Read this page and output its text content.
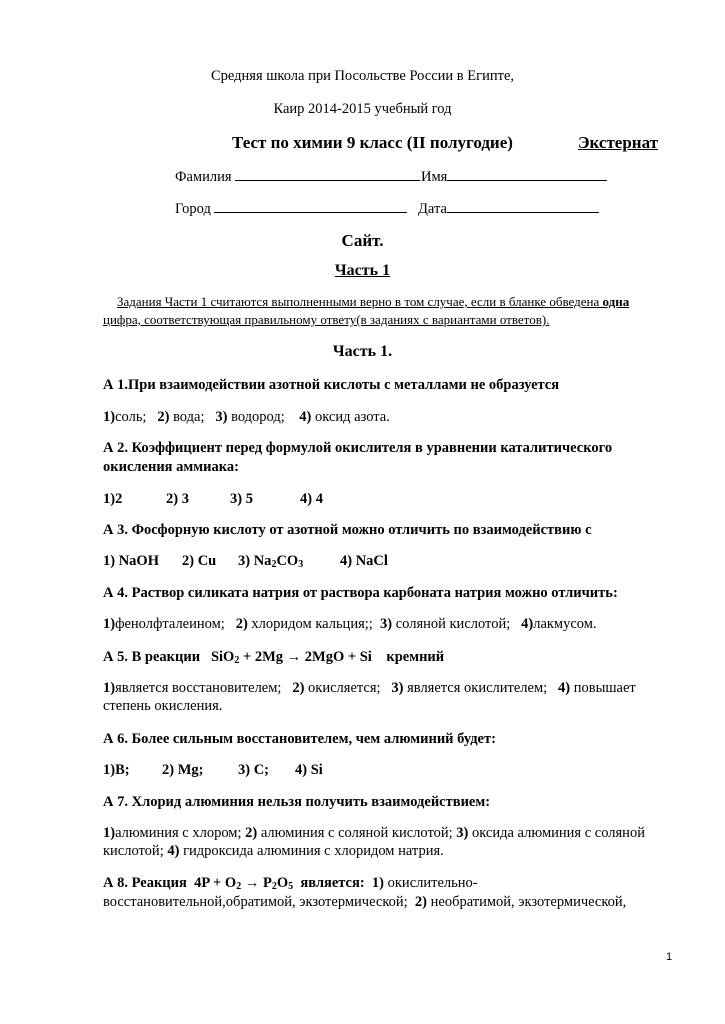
Средняя школа при Посольстве России в Египте,
Каир 2014-2015 учебный год
Тест по химии 9 класс (II полугодие)	Экстернат
Фамилия	Имя
Город	Дата
Сайт.
Часть 1
Задания Части 1 считаются выполненными верно в том случае, если в бланке обведена одна
цифра, соответствующая правильному ответу(в заданиях с вариантами ответов).
Часть 1.
А 1.При взаимодействии азотной кислоты с металлами не образуется
1)соль; 2) вода; 3) водород; 4) оксид азота.
А 2. Коэффициент перед формулой окислителя в уравнении каталитического
окисления аммиака:
1)2	2) 3	3) 5	4) 4
А 3. Фосфорную кислоту от азотной можно отличить по взаимодействию с
1) NaOH 2) Cu 3) $Na_2CO_3$	4) NaCl
А 4. Раствор силиката натрия от раствора карбоната натрия можно отличить:
1)фенолфталеином; 2) хлоридом кальция;;​ 3) соляной кислотой; 4)лакмусом.
А 5. В реакции SiO$_2$ + 2Mg → 2MgO + Si кремний
1)является восстановителем; 2) окисляется; 3) является окислителем; 4) повышает
степень окисления.
А 6. Более сильным восстановителем, чем алюминий будет:
1)B; 2) Mg; 3) C; 4) Si
А 7. Хлорид алюминия нельзя получить взаимодействием:
1)алюминия с хлором; 2) алюминия с соляной кислотой; 3) оксида алюминия с соляной
кислотой; 4) гидроксида алюминия с хлоридом натрия.
А 8. Реакция $4P + O_2 \to P_2O_5$ является: 1) окислительно-
восстановительной,обратимой, экзотермической; 2) необратимой, экзотермической,
1
